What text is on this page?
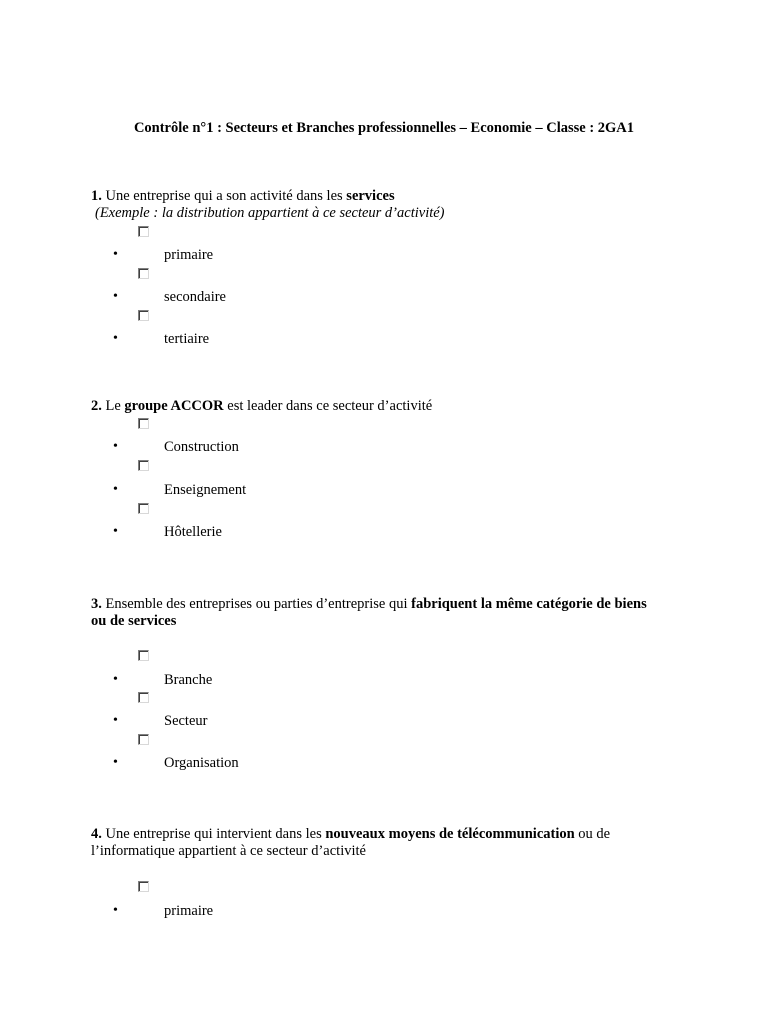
Contrôle n°1 : Secteurs et Branches professionnelles – Economie – Classe : 2GA1
1. Une entreprise qui a son activité dans les services
(Exemple : la distribution appartient à ce secteur d’activité)
•	primaire
•	secondaire
•	tertiaire
2. Le groupe ACCOR est leader dans ce secteur d’activité
•	Construction
•	Enseignement
•	Hôtellerie
3. Ensemble des entreprises ou parties d’entreprise qui fabriquent la même catégorie de biens ou de services
•	Branche
•	Secteur
•	Organisation
4. Une entreprise qui intervient dans les nouveaux moyens de télécommunication ou de l’informatique appartient à ce secteur d’activité
•	primaire
